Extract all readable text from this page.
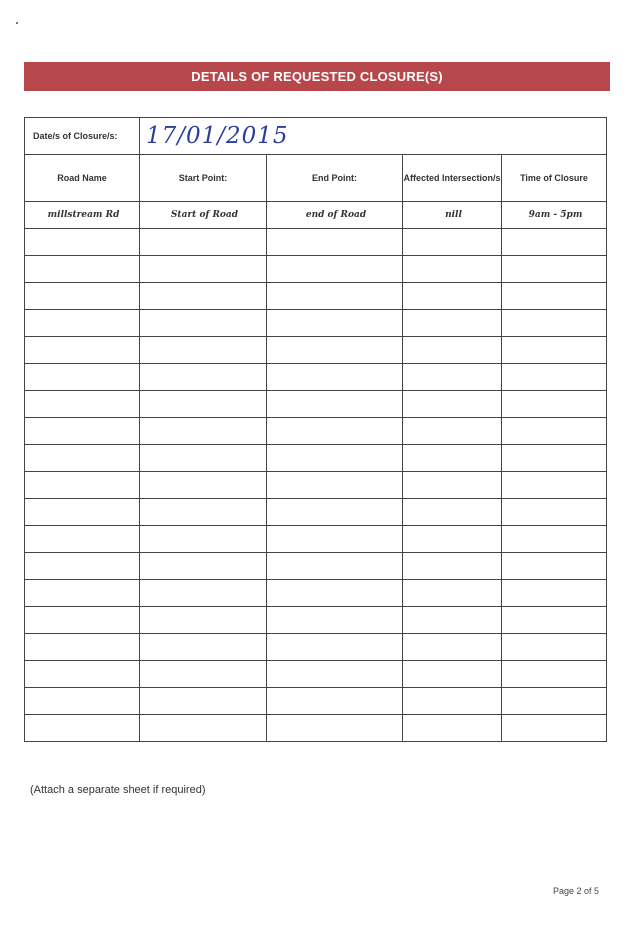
DETAILS OF REQUESTED CLOSURE(S)
Date/s of Closure/s:	17/01/2015			
Road Name	Start Point:	End Point:	Affected Intersection/s	Time of Closure
millstream Rd	Start of Road	end of Road	nill	9am - 5pm

(Attach a separate sheet if required)
Page 2 of 5
